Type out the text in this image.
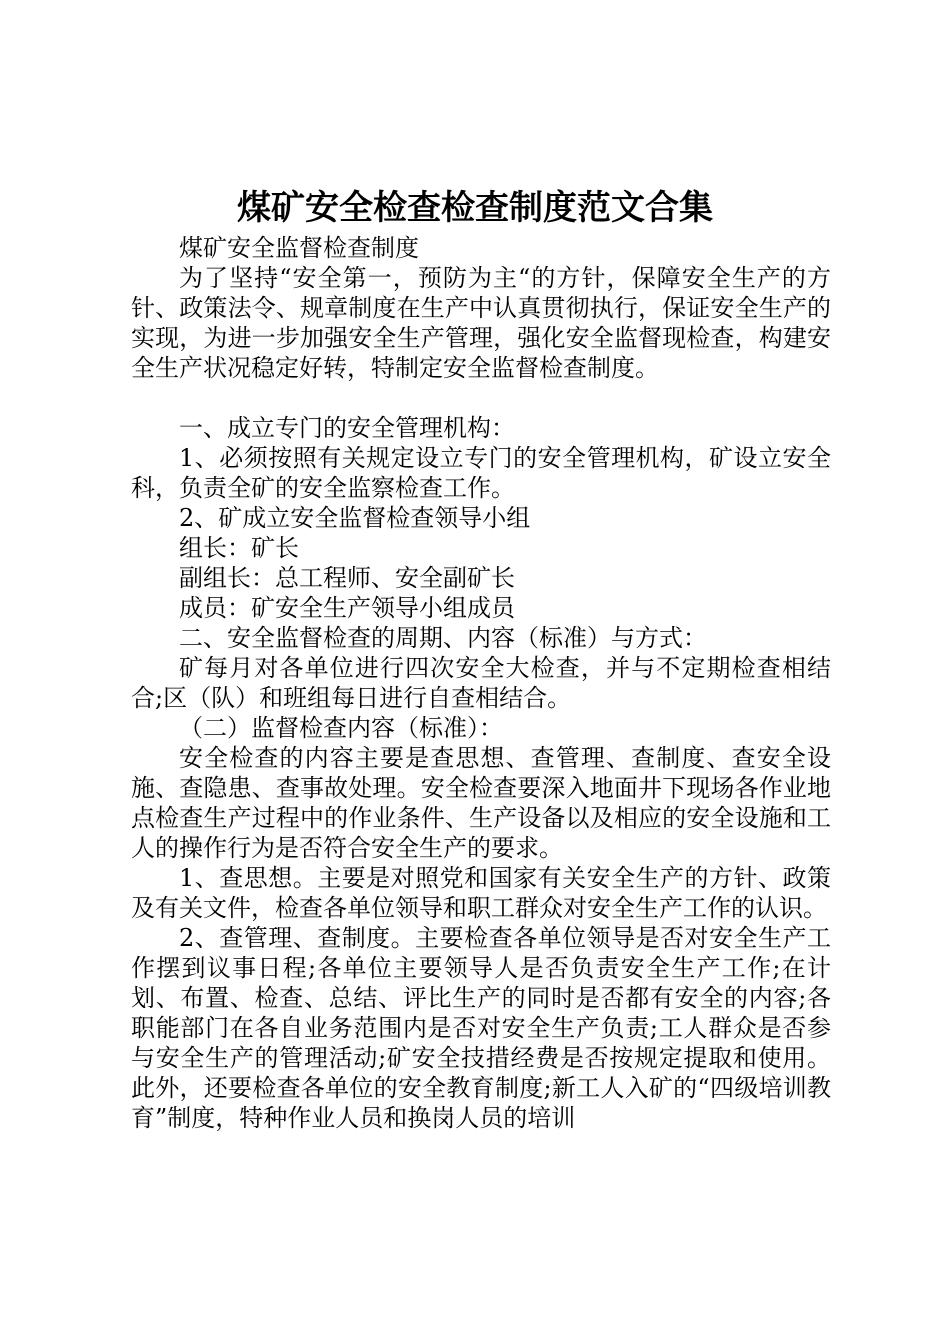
煤矿安全检查检查制度范文合集

煤矿安全监督检查制度

为了坚持“安全第一，预防为主“的方针，保障安全生产的方针、政策法令、规章制度在生产中认真贯彻执行，保证安全生产的实现，为进一步加强安全生产管理，强化安全监督现检查，构建安全生产状况稳定好转，特制定安全监督检查制度。

一、成立专门的安全管理机构：

1、必须按照有关规定设立专门的安全管理机构，矿设立安全科，负责全矿的安全监察检查工作。

2、矿成立安全监督检查领导小组

组长：矿长

副组长：总工程师、安全副矿长

成员：矿安全生产领导小组成员

二、安全监督检查的周期、内容（标准）与方式：

矿每月对各单位进行四次安全大检查，并与不定期检查相结合;区（队）和班组每日进行自查相结合。

（二）监督检查内容（标准）：

安全检查的内容主要是查思想、查管理、查制度、查安全设施、查隐患、查事故处理。安全检查要深入地面井下现场各作业地点检查生产过程中的作业条件、生产设备以及相应的安全设施和工人的操作行为是否符合安全生产的要求。

1、查思想。主要是对照党和国家有关安全生产的方针、政策及有关文件，检查各单位领导和职工群众对安全生产工作的认识。

2、查管理、查制度。主要检查各单位领导是否对安全生产工作摆到议事日程;各单位主要领导人是否负责安全生产工作;在计划、布置、检查、总结、评比生产的同时是否都有安全的内容;各职能部门在各自业务范围内是否对安全生产负责;工人群众是否参与安全生产的管理活动;矿安全技措经费是否按规定提取和使用。此外，还要检查各单位的安全教育制度;新工人入矿的“四级培训教育”制度，特种作业人员和换岗人员的培训
